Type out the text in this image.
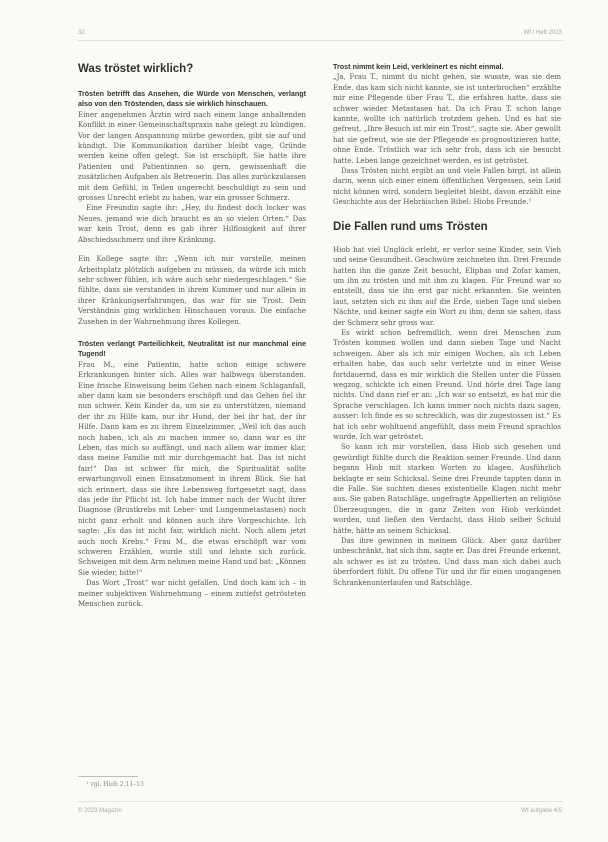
32	Wf / Heft 2023
Was tröstet wirklich?

Trösten betrifft das Ansehen, die Würde von Menschen, verlangt also von den Tröstenden, dass sie wirklich hinschauen.

Einer angenehmen Ärztin wird nach einem lange anhaltenden Konflikt in einer Gemeinschaftspraxis nahe gelegt zu kündigen. Vor der langen Anspannung mürbe geworden, gibt sie auf und kündigt. Die Kommunikation darüber bleibt vage, Gründe werden keine offen gelegt. Sie ist erschöpft. Sie hatte ihre Patienten und Patientinnen so gern, gewissenhaft die zusätzlichen Aufgaben als Betreuerin. Das alles zurückzulassen mit dem Gefühl, in Teilen ungerecht beschuldigt zu sein und grosses Unrecht erlebt zu haben, war ein grosser Schmerz.

Eine Freundin sagte ihr: „Hey, du findest doch locker was Neues, jemand wie dich braucht es an so vielen Orten.“ Das war kein Trost, denn es gab ihrer Hilflosigkeit auf ihrer Abschiedsschmerz und ihre Kränkung.

Ein Kollege sagte ihr: „Wenn ich mir vorstelle, meinen Arbeitsplatz plötzlich aufgeben zu müssen, da würde ich mich sehr schwer fühlen, ich wäre auch sehr niedergeschlagen.“ Sie fühlte, dass sie verstanden in ihrem Kummer und nur allein in ihrer Kränkungserfahrungen, das war für sie Trost. Dein Verständnis ging wirklichen Hinschauen voraus. Die einfache Zusehen in der Wahrnehmung ihres Kollegen.

Trösten verlangt Parteilichkeit, Neutralität ist nur manchmal eine Tugend!

Frau M., eine Patientin, hatte schon einige schwere Erkrankungen hinter sich. Alles war halbwegs überstanden. Eine frische Einweisung beim Gehen nach einem Schlaganfall, aber dann kam sie besonders erschöpft und das Gehen fiel ihr nun schwer. Kein Kinder da, um sie zu unterstützen, niemand der ihr zu Hilfe kam, nur ihr Hund, der bei ihr hat, der ihr Hilfe. Dann kam es zu ihrem Einzelzimmer, „Weil ich das auch noch haben, ich als zu machen immer so, dann war es ihr Leben, das mich so auffängt, und nach allem war immer klar, dass meine Familie mit mir durchgemacht hat. Das ist nicht fair!“ Das ist schwer für mich, die Spiritualität sollte erwartungsvoll einen Einsatzmoment in ihrem Blick. Sie hat sich erinnert, dass sie ihre Lebensweg fortgesetzt sagt, dass das jede ihr Pflicht ist. Ich habe immer nach der Wucht ihrer Diagnose (Brustkrebs mit Leber- und Lungenmetastasen) noch nicht ganz erholt und können auch ihre Vorgeschichte. Ich sagte: „Es das ist nicht fair, wirklich nicht. Noch allem jetzt auch noch Krebs.“ Frau M., die etwas erschöpft war vom schweren Erzählen, wurde still und lehnte sich zurück. Schweigen mit dem Arm nehmen meine Hand und bat: „Können Sie wieder, bitte!“

Das Wort „Trost“ war nicht gefallen. Und doch kam ich – in meiner subjektiven Wahrnehmung – einem zutiefst getrösteten Menschen zurück.

Trost nimmt kein Leid, verkleinert es nicht einmal.

„Ja, Frau T., nimmt du nicht gehen, sie wusste, was sie dem Ende, das kam sich nicht kannte, sie ist unterbrochen“ erzählte mir eine Pflegende über Frau T., die erfahren hatte, dass sie schwer wieder Metastasen hat. Da ich Frau T. schon lange kannte, wollte ich natürlich trotzdem gehen. Und es hat sie gefreut, „Ihre Besuch ist mir ein Trost“, sagte sie. Aber gewollt hat sie gefreut, wie sie der Pflegende es prognostizieren hatte, ohne Ende. Tröstlich war ich sehr froh, dass ich sie besucht hatte. Leben lange gezeichnet werden, es ist getröstet.

Dass Trösten nicht ergibt an und viele Fallen birgt, ist allein darin, wenn sich einer einem öffentlichen Vergessen, sein Leid nicht können wird, sondern begleitet bleibt, davon erzählt eine Geschichte aus der Hebräischen Bibel: Hiobs Freunde.¹

Die Fallen rund ums Trösten

Hiob hat viel Unglück erlebt, er verlor seine Kinder, sein Vieh und seine Gesundheit. Geschwüre zeichneten ihn. Drei Freunde hatten ihn die ganze Zeit besucht, Eliphas und Zofar kamen, um ihn zu trösten und mit ihm zu klagen. Für Freund war so entstellt, dass sie ihn erst gar nicht erkannten. Sie weinten laut, setzten sich zu ihm auf die Erde, sieben Tage und sieben Nächte, und keiner sagte ein Wort zu ihm, denn sie sahen, dass der Schmerz sehr gross war.

Es wirkt schon befremdlich, wenn drei Menschen zum Trösten kommen wollen und dann sieben Tage und Nacht schweigen. Aber als ich mir einigen Wochen, als ich Leben erhalten habe, das auch sehr verletzte und in einer Weise fortdauernd, dass es mir wirklich die Stellen unter die Füssen wegzog, schickte ich einen Freund. Und hörte drei Tage lang nichts. Und dann rief er an: „Ich war so entsetzt, es hat mir die Sprache verschlagen. Ich kann immer noch nichts dazu sagen, ausser: Ich finde es so schrecklich, was dir zugestossen ist.“ Es hat ich sehr wohltuend angefühlt, dass mein Freund sprachlos wurde. Ich war getröstet.

So kann ich mir vorstellen, dass Hiob sich gesehen und gewürdigt fühlte durch die Reaktion seiner Freunde. Und dann begann Hiob mit starken Worten zu klagen. Ausführlich beklagte er sein Schicksal. Seine drei Freunde tappten dann in die Falle. Sie suchten dieses existentielle Klagen nicht mehr aus. Sie gaben Ratschläge, ungefragte Appellierten an religiöse Überzeugungen, die in ganz Zeiten von Hiob verkündet worden, und ließen den Verdacht, dass Hiob selber Schuld hätte, hätte an seinem Schicksal.

Das ihre gewinnen in meinem Glück. Aber ganz darüber unbeschränkt, hat sich ihm, sagte er. Das drei Freunde erkennt, als schwer es ist zu trösten. Und dass man sich dabei auch überfordert fühlt. Du offene Tür und ihr für einen umgangenen Schrankenunterlaufen und Ratschläge.

¹ vgl. Hiob 2,11–13
© 2023 Magazin	Wf aufgabe 4/5
